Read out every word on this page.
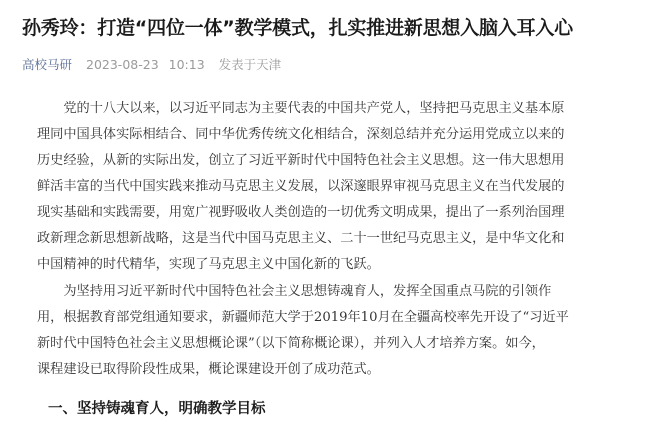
孙秀玲：打造“四位一体”教学模式，扎实推进新思想入脑入耳入心
高校马研 2023-08-23 10:13 发表于天津
　　党的十八大以来，以习近平同志为主要代表的中国共产党人，坚持把马克思主义基本原
理同中国具体实际相结合、同中华优秀传统文化相结合，深刻总结并充分运用党成立以来的
历史经验，从新的实际出发，创立了习近平新时代中国特色社会主义思想。这一伟大思想用
鲜活丰富的当代中国实践来推动马克思主义发展，以深邃眼界审视马克思主义在当代发展的
现实基础和实践需要，用宽广视野吸收人类创造的一切优秀文明成果，提出了一系列治国理
政新理念新思想新战略，这是当代中国马克思主义、二十一世纪马克思主义，是中华文化和
中国精神的时代精华，实现了马克思主义中国化新的飞跃。
　　为坚持用习近平新时代中国特色社会主义思想铸魂育人，发挥全国重点马院的引领作
用，根据教育部党组通知要求，新疆师范大学于2019年10月在全疆高校率先开设了“习近平
新时代中国特色社会主义思想概论课”（以下简称概论课），并列入人才培养方案。如今，
课程建设已取得阶段性成果，概论课建设开创了成功范式。
一、坚持铸魂育人，明确教学目标
